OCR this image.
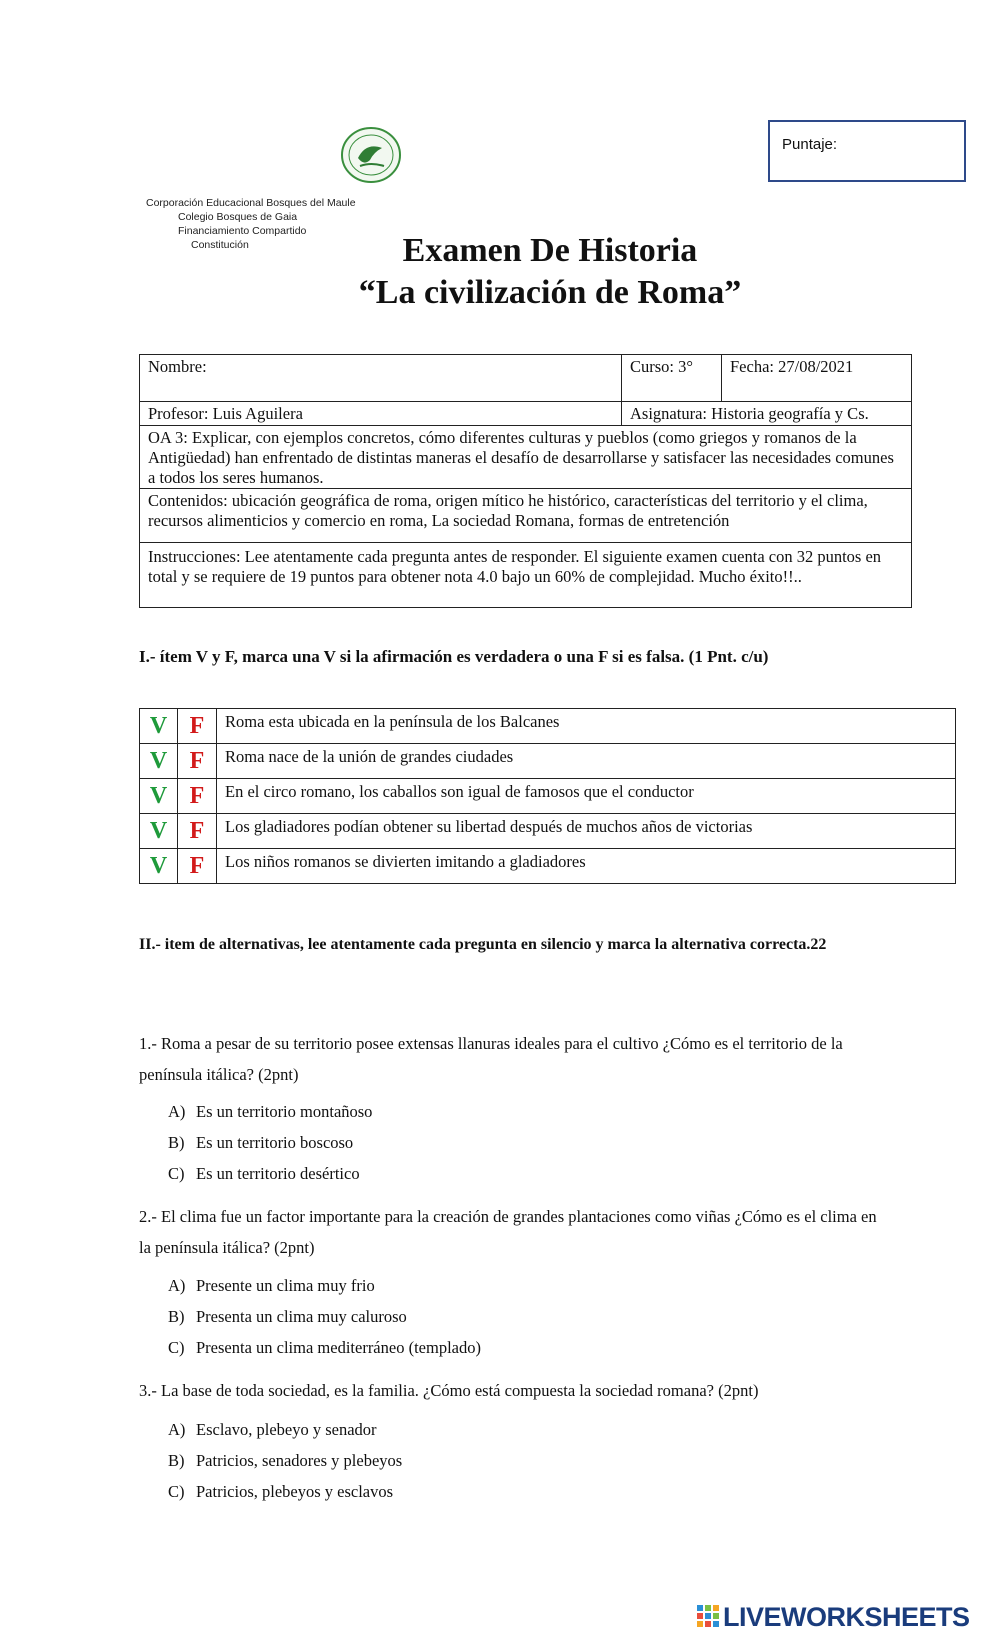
Puntaje:
Corporación Educacional Bosques del Maule
Colegio Bosques de Gaia
Financiamiento Compartido
Constitución	Examen De Historia
“La civilización de Roma”
Nombre:	Curso: 3°	Fecha: 27/08/2021
Profesor: Luis Aguilera	Asignatura: Historia geografía y Cs.
OA 3: Explicar, con ejemplos concretos, cómo diferentes culturas y pueblos (como griegos y romanos de la Antigüedad) han enfrentado de distintas maneras el desafío de desarrollarse y satisfacer las necesidades comunes a todos los seres humanos.
Contenidos: ubicación geográfica de roma, origen mítico he histórico, características del territorio y el clima, recursos alimenticios y comercio en roma, La sociedad Romana, formas de entretención
Instrucciones: Lee atentamente cada pregunta antes de responder. El siguiente examen cuenta con 32 puntos en total y se requiere de 19 puntos para obtener nota 4.0 bajo un 60% de complejidad. Mucho éxito!!..
I.- ítem V y F, marca una V si la afirmación es verdadera o una F si es falsa. (1 Pnt. c/u)
V	F	Roma esta ubicada en la península de los Balcanes
V	F	Roma nace de la unión de grandes ciudades
V	F	En el circo romano, los caballos son igual de famosos que el conductor
V	F	Los gladiadores podían obtener su libertad después de muchos años de victorias
V	F	Los niños romanos se divierten imitando a gladiadores
II.- item de alternativas, lee atentamente cada pregunta en silencio y marca la alternativa correcta.22
1.- Roma a pesar de su territorio posee extensas llanuras ideales para el cultivo ¿Cómo es el territorio de la península itálica? (2pnt)
A) Es un territorio montañoso
B) Es un territorio boscoso
C) Es un territorio desértico
2.- El clima fue un factor importante para la creación de grandes plantaciones como viñas ¿Cómo es el clima en la península itálica? (2pnt)
A) Presente un clima muy frio
B) Presenta un clima muy caluroso
C) Presenta un clima mediterráneo (templado)
3.- La base de toda sociedad, es la familia. ¿Cómo está compuesta la sociedad romana? (2pnt)
A) Esclavo, plebeyo y senador
B) Patricios, senadores y plebeyos
C) Patricios, plebeyos y esclavos
LIVEWORKSHEETS
